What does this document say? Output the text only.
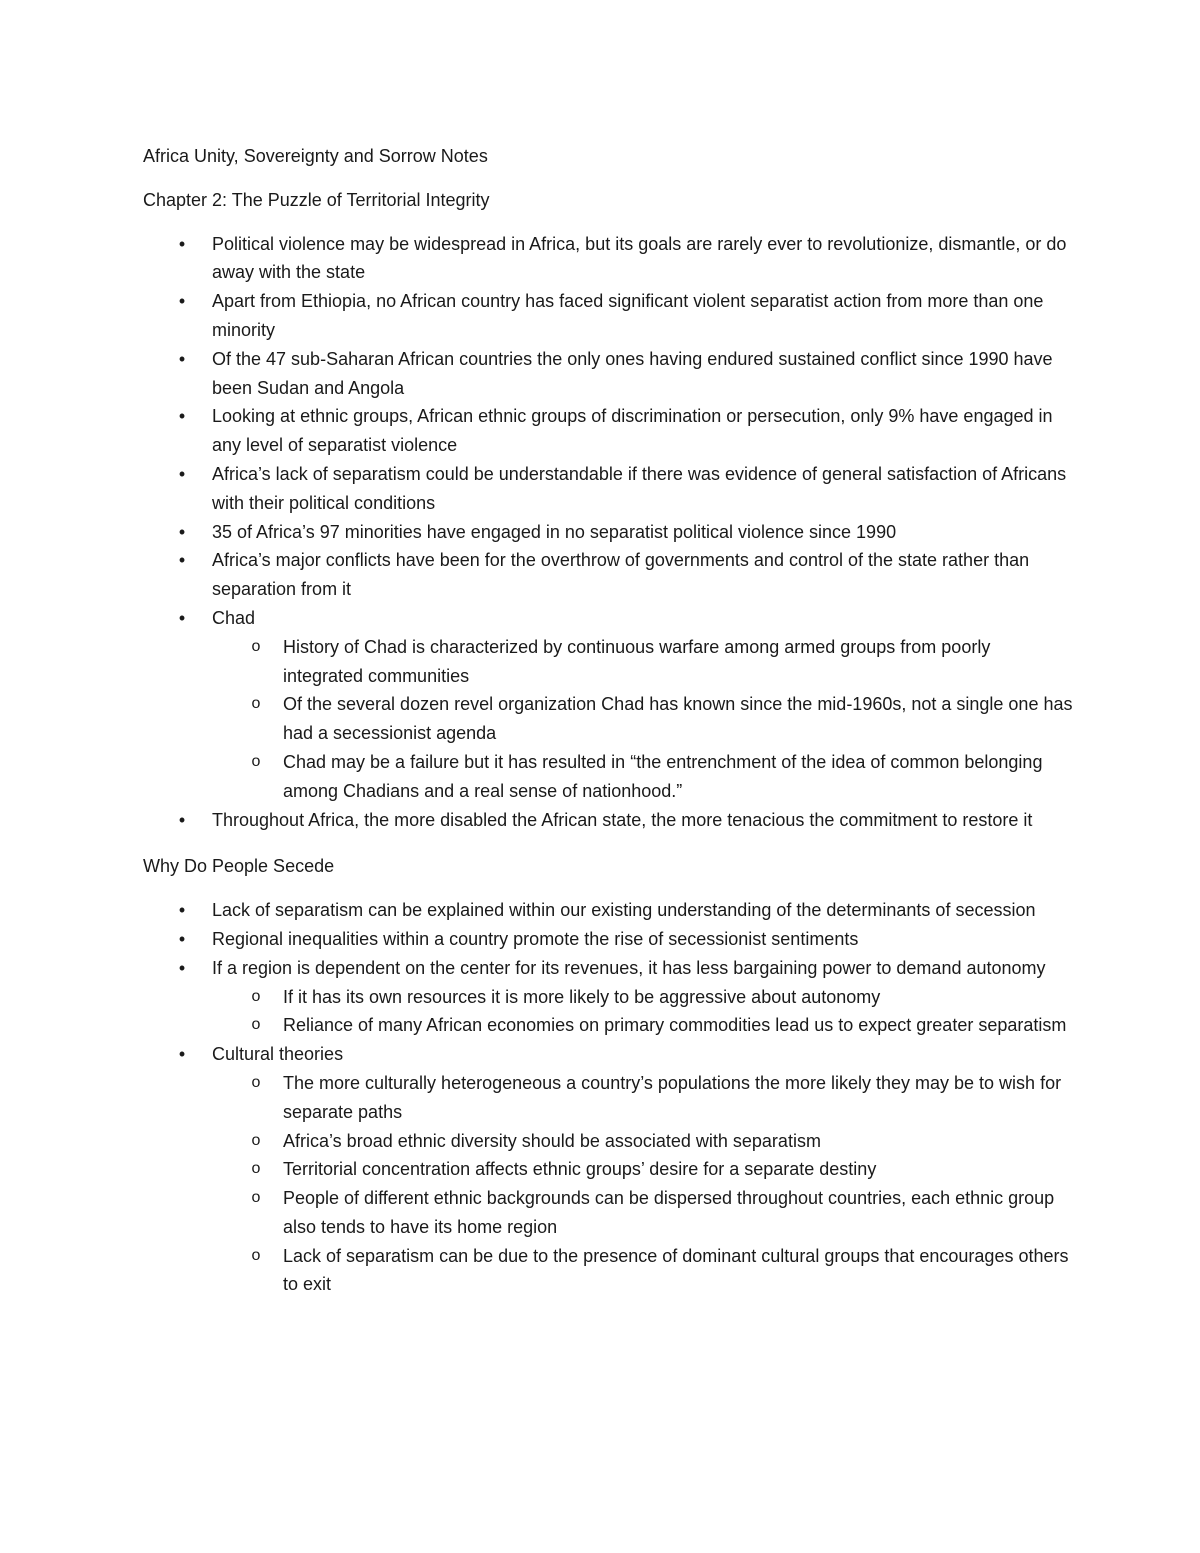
Africa Unity, Sovereignty and Sorrow Notes

Chapter 2: The Puzzle of Territorial Integrity

• Political violence may be widespread in Africa, but its goals are rarely ever to revolutionize, dismantle, or do away with the state
• Apart from Ethiopia, no African country has faced significant violent separatist action from more than one minority
• Of the 47 sub-Saharan African countries the only ones having endured sustained conflict since 1990 have been Sudan and Angola
• Looking at ethnic groups, African ethnic groups of discrimination or persecution, only 9% have engaged in any level of separatist violence
• Africa’s lack of separatism could be understandable if there was evidence of general satisfaction of Africans with their political conditions
• 35 of Africa’s 97 minorities have engaged in no separatist political violence since 1990
• Africa’s major conflicts have been for the overthrow of governments and control of the state rather than separation from it
• Chad
o History of Chad is characterized by continuous warfare among armed groups from poorly integrated communities
o Of the several dozen revel organization Chad has known since the mid-1960s, not a single one has had a secessionist agenda
o Chad may be a failure but it has resulted in “the entrenchment of the idea of common belonging among Chadians and a real sense of nationhood.”
• Throughout Africa, the more disabled the African state, the more tenacious the commitment to restore it

Why Do People Secede

• Lack of separatism can be explained within our existing understanding of the determinants of secession
• Regional inequalities within a country promote the rise of secessionist sentiments
• If a region is dependent on the center for its revenues, it has less bargaining power to demand autonomy
o If it has its own resources it is more likely to be aggressive about autonomy
o Reliance of many African economies on primary commodities lead us to expect greater separatism
• Cultural theories
o The more culturally heterogeneous a country’s populations the more likely they may be to wish for separate paths
o Africa’s broad ethnic diversity should be associated with separatism
o Territorial concentration affects ethnic groups’ desire for a separate destiny
o People of different ethnic backgrounds can be dispersed throughout countries, each ethnic group also tends to have its home region
o Lack of separatism can be due to the presence of dominant cultural groups that encourages others to exit
